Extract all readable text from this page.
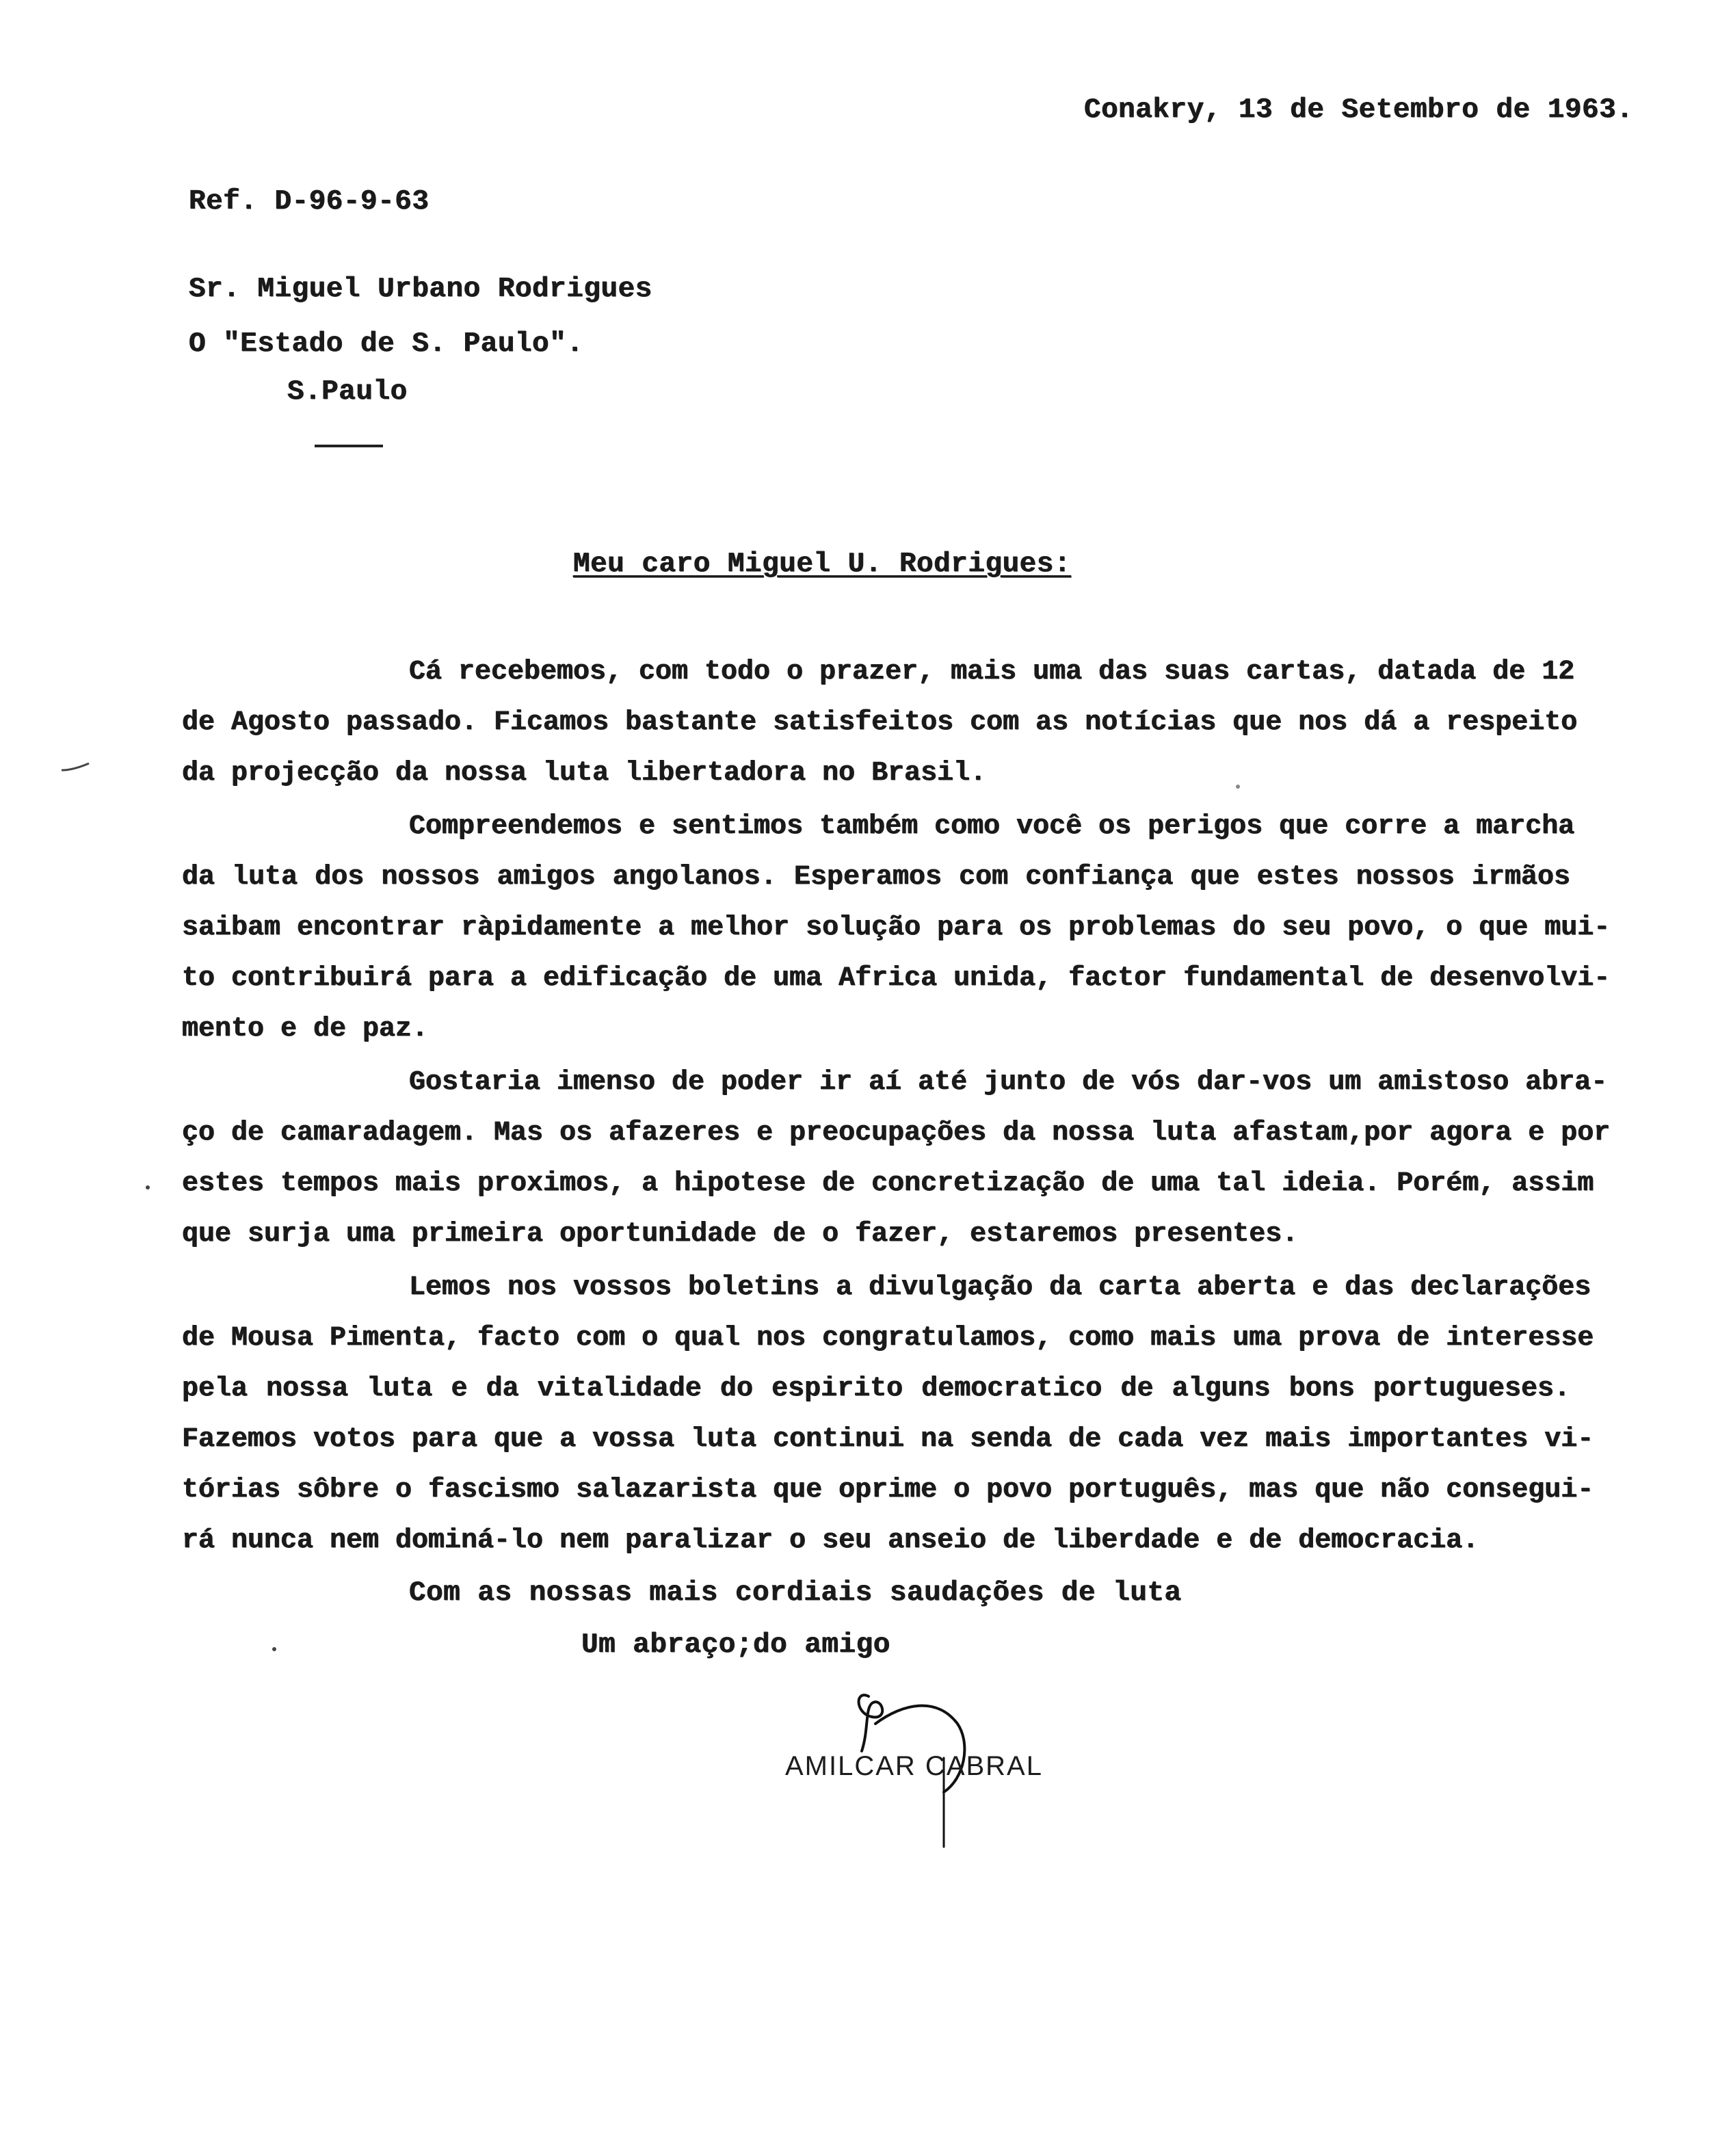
Conakry, 13 de Setembro de 1963.
Ref. D-96-9-63
Sr. Miguel Urbano Rodrigues
O "Estado de S. Paulo".
S.Paulo
Meu caro Miguel U. Rodrigues:
Cá recebemos, com todo o prazer, mais uma das suas cartas, datada de 12
de Agosto passado. Ficamos bastante satisfeitos com as notícias que nos dá a respeito
da projecção da nossa luta libertadora no Brasil.
Compreendemos e sentimos também como você os perigos que corre a marcha
da luta dos nossos amigos angolanos. Esperamos com confiança que estes nossos irmãos
saibam encontrar ràpidamente a melhor solução para os problemas do seu povo, o que mui-
to contribuirá para a edificação de uma Africa unida, factor fundamental de desenvolvi-
mento e de paz.
Gostaria imenso de poder ir aí até junto de vós dar-vos um amistoso abra-
ço de camaradagem. Mas os afazeres e preocupações da nossa luta afastam,por agora e por
estes tempos mais proximos, a hipotese de concretização de uma tal ideia. Porém, assim
que surja uma primeira oportunidade de o fazer, estaremos presentes.
Lemos nos vossos boletins a divulgação da carta aberta e das declarações
de Mousa Pimenta, facto com o qual nos congratulamos, como mais uma prova de interesse
pela nossa luta e da vitalidade do espirito democratico de alguns bons portugueses.
Fazemos votos para que a vossa luta continui na senda de cada vez mais importantes vi-
tórias sôbre o fascismo salazarista que oprime o povo português, mas que não consegui-
rá nunca nem dominá-lo nem paralizar o seu anseio de liberdade e de democracia.
Com as nossas mais cordiais saudações de luta
Um abraço;do amigo
AMILCAR CABRAL
